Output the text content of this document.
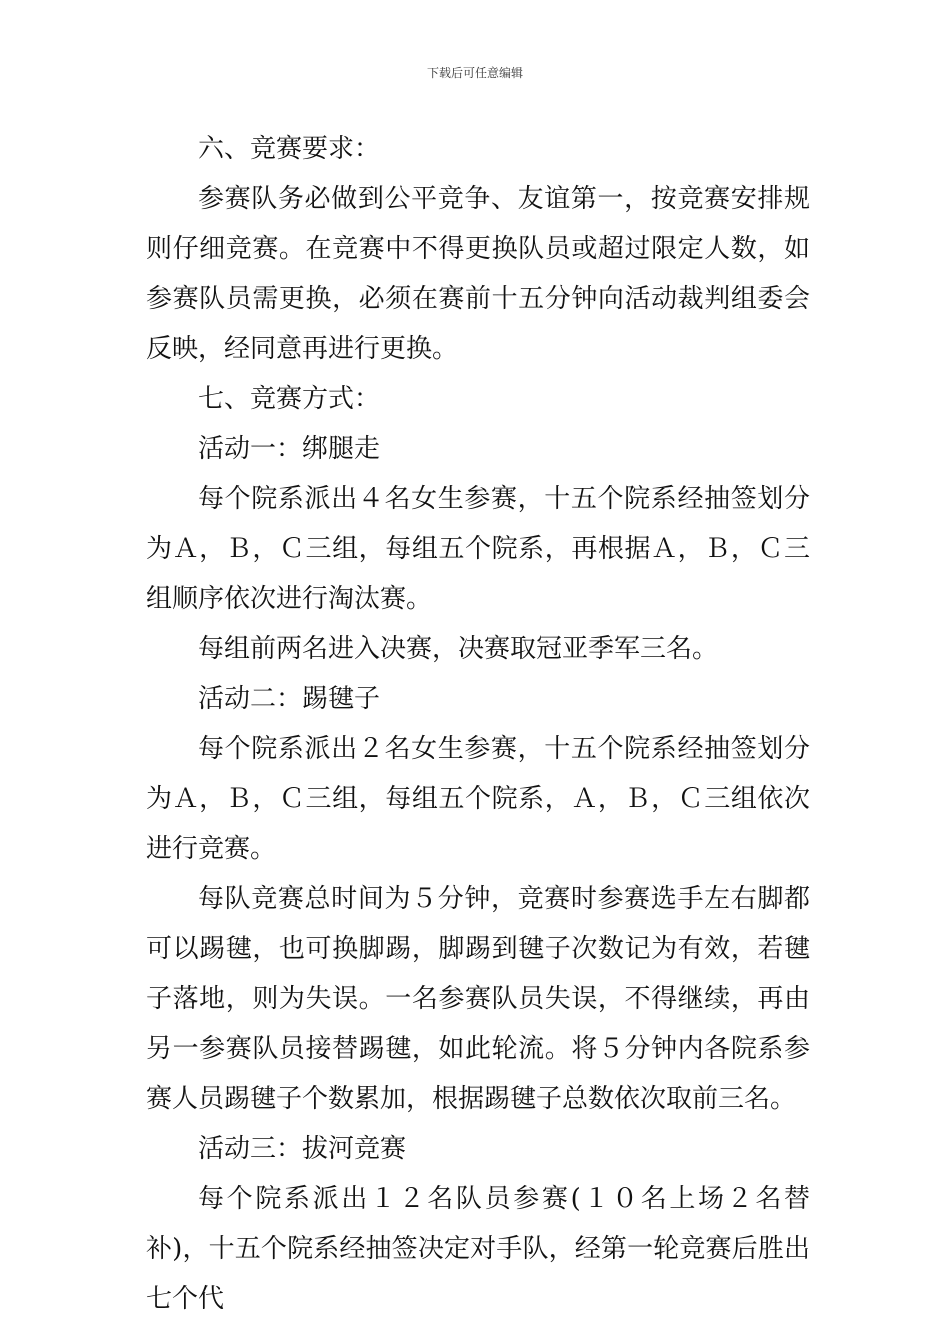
下载后可任意编辑

六、竞赛要求：

参赛队务必做到公平竞争、友谊第一，按竞赛安排规则仔细竞赛。在竞赛中不得更换队员或超过限定人数，如参赛队员需更换，必须在赛前十五分钟向活动裁判组委会反映，经同意再进行更换。

七、竞赛方式：

活动一：绑腿走

每个院系派出４名女生参赛，十五个院系经抽签划分为Ａ，Ｂ，Ｃ三组，每组五个院系，再根据Ａ，Ｂ，Ｃ三组顺序依次进行淘汰赛。

每组前两名进入决赛，决赛取冠亚季军三名。

活动二：踢毽子

每个院系派出２名女生参赛，十五个院系经抽签划分为Ａ，Ｂ，Ｃ三组，每组五个院系，Ａ，Ｂ，Ｃ三组依次进行竞赛。

每队竞赛总时间为５分钟，竞赛时参赛选手左右脚都可以踢毽，也可换脚踢，脚踢到毽子次数记为有效，若毽子落地，则为失误。一名参赛队员失误，不得继续，再由另一参赛队员接替踢毽，如此轮流。将５分钟内各院系参赛人员踢毽子个数累加，根据踢毽子总数依次取前三名。

活动三：拔河竞赛

每个院系派出１２名队员参赛(１０名上场２名替补)，十五个院系经抽签决定对手队，经第一轮竞赛后胜出七个代
